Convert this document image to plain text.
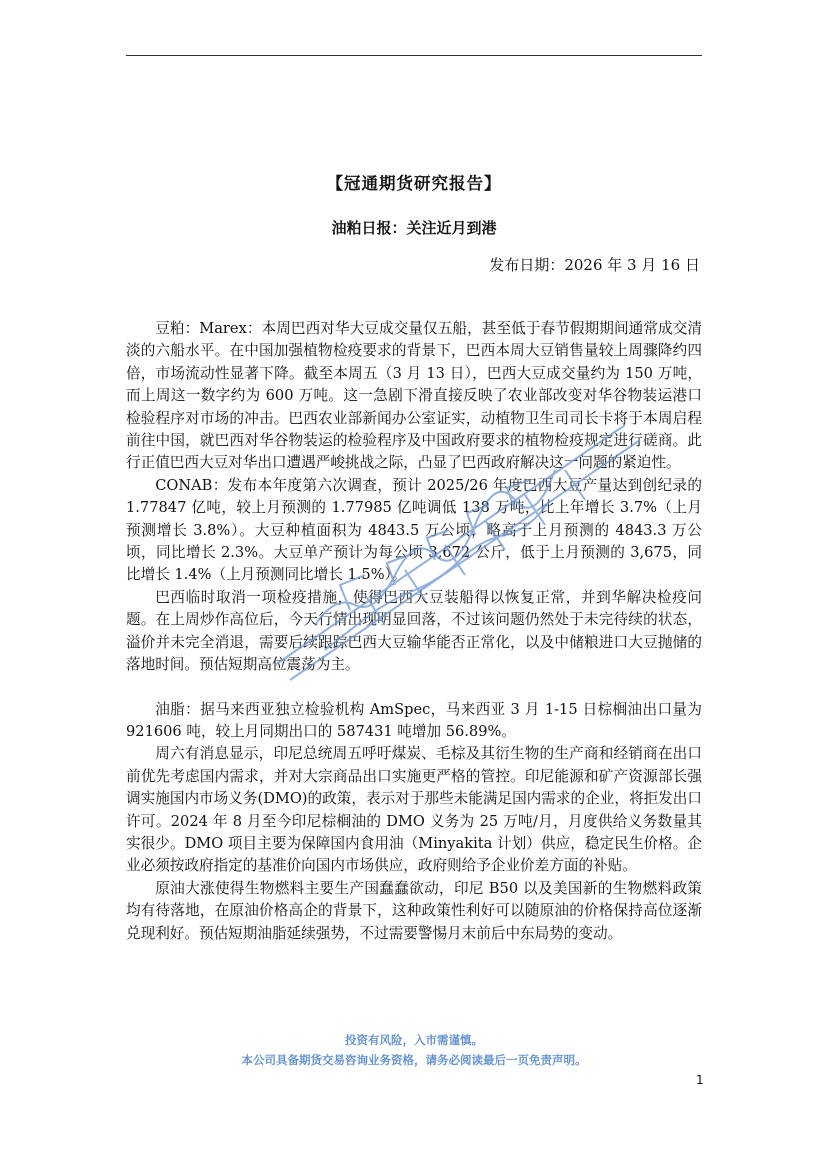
【冠通期货研究报告】
油粕日报：关注近月到港
发布日期：2026 年 3 月 16 日

豆粕：Marex：本周巴西对华大豆成交量仅五船，甚至低于春节假期期间通常成交清淡的六船水平。在中国加强植物检疫要求的背景下，巴西本周大豆销售量较上周骤降约四倍，市场流动性显著下降。截至本周五（3 月 13 日），巴西大豆成交量约为 150 万吨，而上周这一数字约为 600 万吨。这一急剧下滑直接反映了农业部改变对华谷物装运港口检验程序对市场的冲击。巴西农业部新闻办公室证实，动植物卫生司司长卡将于本周启程前往中国，就巴西对华谷物装运的检验程序及中国政府要求的植物检疫规定进行磋商。此行正值巴西大豆对华出口遭遇严峻挑战之际，凸显了巴西政府解决这一问题的紧迫性。

CONAB：发布本年度第六次调查，预计 2025/26 年度巴西大豆产量达到创纪录的 1.77847 亿吨，较上月预测的 1.77985 亿吨调低 138 万吨，比上年增长 3.7%（上月预测增长 3.8%）。大豆种植面积为 4843.5 万公顷，略高于上月预测的 4843.3 万公顷，同比增长 2.3%。大豆单产预计为每公顷 3,672 公斤，低于上月预测的 3,675，同比增长 1.4%（上月预测同比增长 1.5%）。

巴西临时取消一项检疫措施，使得巴西大豆装船得以恢复正常，并到华解决检疫问题。在上周炒作高位后，今天行情出现明显回落，不过该问题仍然处于未完待续的状态，溢价并未完全消退，需要后续跟踪巴西大豆输华能否正常化，以及中储粮进口大豆抛储的落地时间。预估短期高位震荡为主。

油脂：据马来西亚独立检验机构 AmSpec，马来西亚 3 月 1-15 日棕榈油出口量为 921606 吨，较上月同期出口的 587431 吨增加 56.89%。

周六有消息显示，印尼总统周五呼吁煤炭、毛棕及其衍生物的生产商和经销商在出口前优先考虑国内需求，并对大宗商品出口实施更严格的管控。印尼能源和矿产资源部长强调实施国内市场义务(DMO)的政策，表示对于那些未能满足国内需求的企业，将拒发出口许可。2024 年 8 月至今印尼棕榈油的 DMO 义务为 25 万吨/月，月度供给义务数量其实很少。DMO 项目主要为保障国内食用油（Minyakita 计划）供应，稳定民生价格。企业必须按政府指定的基准价向国内市场供应，政府则给予企业价差方面的补贴。

原油大涨使得生物燃料主要生产国蠢蠢欲动，印尼 B50 以及美国新的生物燃料政策均有待落地，在原油价格高企的背景下，这种政策性利好可以随原油的价格保持高位逐渐兑现利好。预估短期油脂延续强势，不过需要警惕月末前后中东局势的变动。

投资有风险，入市需谨慎。
本公司具备期货交易咨询业务资格，请务必阅读最后一页免责声明。
1
